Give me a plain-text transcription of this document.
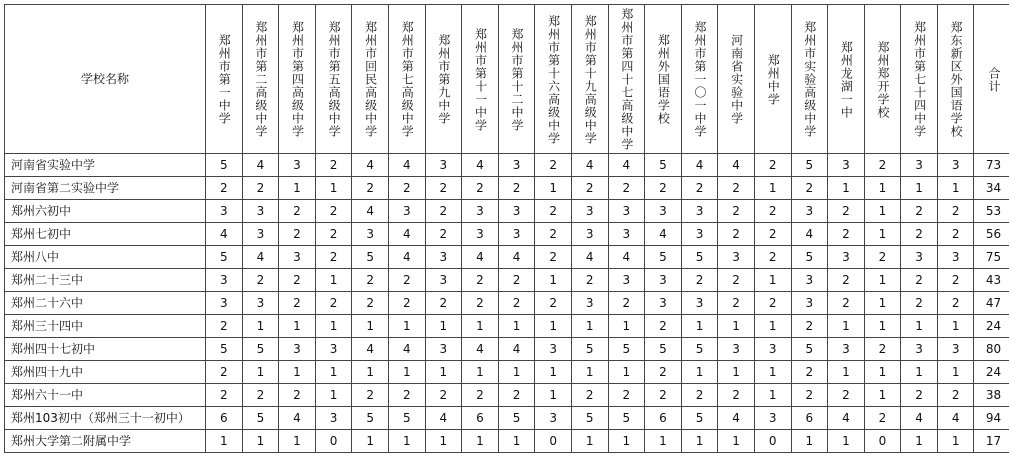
学校名称	郑州市第一中学	郑州市第二高级中学	郑州市第四高级中学	郑州市第五高级中学	郑州市回民高级中学	郑州市第七高级中学	郑州市第九中学	郑州市第十一中学	郑州市第十二中学	郑州市第十六高级中学	郑州市第十九高级中学	郑州市第四十七高级中学	郑州外国语学校	郑州市第一〇一中学	河南省实验中学	郑州中学	郑州市实验高级中学	郑州龙湖一中	郑州郑开学校	郑州市第七十四中学	郑东新区外国语学校	合计
河南省实验中学	5	4	3	2	4	4	3	4	3	2	4	4	5	4	4	2	5	3	2	3	3	73
河南省第二实验中学	2	2	1	1	2	2	2	2	2	1	2	2	2	2	2	1	2	1	1	1	1	34
郑州六初中	3	3	2	2	4	3	2	3	3	2	3	3	3	3	2	2	3	2	1	2	2	53
郑州七初中	4	3	2	2	3	4	2	3	3	2	3	3	4	3	2	2	4	2	1	2	2	56
郑州八中	5	4	3	2	5	4	3	4	4	2	4	4	5	5	3	2	5	3	2	3	3	75
郑州二十三中	3	2	2	1	2	2	3	2	2	1	2	3	3	2	2	1	3	2	1	2	2	43
郑州二十六中	3	3	2	2	2	2	2	2	2	2	3	2	3	3	2	2	3	2	1	2	2	47
郑州三十四中	2	1	1	1	1	1	1	1	1	1	1	1	2	1	1	1	2	1	1	1	1	24
郑州四十七初中	5	5	3	3	4	4	3	4	4	3	5	5	5	5	3	3	5	3	2	3	3	80
郑州四十九中	2	1	1	1	1	1	1	1	1	1	1	1	2	1	1	1	2	1	1	1	1	24
郑州六十一中	2	2	2	1	2	2	2	2	2	1	2	2	2	2	2	1	2	2	1	2	2	38
郑州103初中（郑州三十一初中）	6	5	4	3	5	5	4	6	5	3	5	5	6	5	4	3	6	4	2	4	4	94
郑州大学第二附属中学	1	1	1	0	1	1	1	1	1	0	1	1	1	1	1	0	1	1	0	1	1	17
